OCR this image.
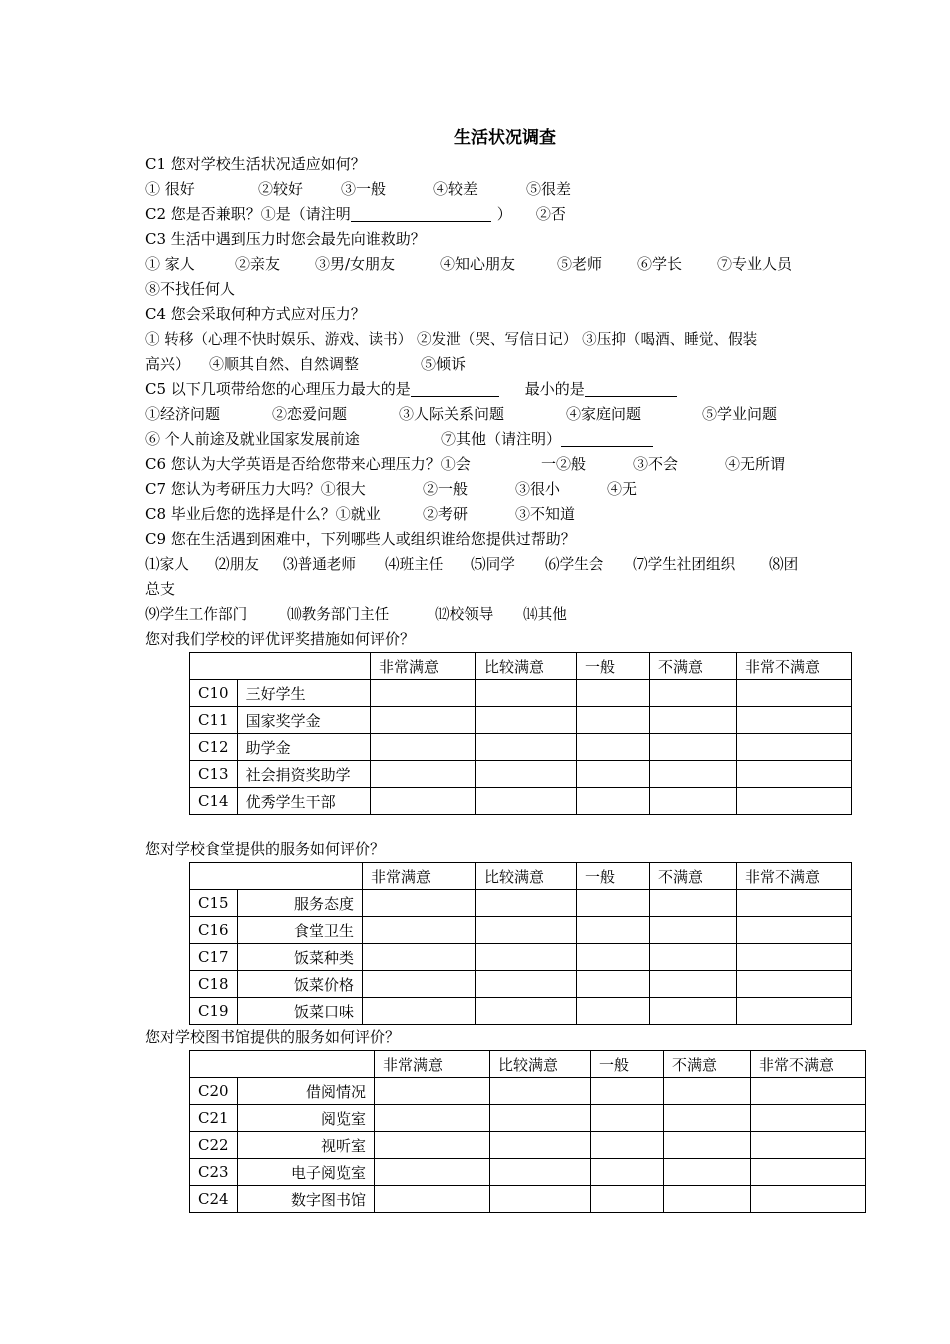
生活状况调查
C1 您对学校生活状况适应如何？
① 很好	②较好	③一般	④较差	⑤很差
C2 您是否兼职？①是（请注明	） ②否
C3 生活中遇到压力时您会最先向谁救助？
① 家人	②亲友 ③男/女朋友	④知心朋友	⑤老师 ⑥学长 ⑦专业人员
⑧不找任何人
C4 您会采取何种方式应对压力？
① 转移（心理不快时娱乐、游戏、读书） ②发泄（哭、写信日记） ③压抑（喝酒、睡觉、假装
高兴） ④顺其自然、自然调整	⑤倾诉
C5 以下几项带给您的心理压力最大的是	最小的是
①经济问题	②恋爱问题	③人际关系问题	④家庭问题	⑤学业问题
⑥ 个人前途及就业国家发展前途	⑦其他（请注明）
C6 您认为大学英语是否给您带来心理压力？①会	一②般	③不会	④无所谓
C7 您认为考研压力大吗？①很大	②一般	③很小	④无
C8 毕业后您的选择是什么？①就业	②考研	③不知道
C9 您在生活遇到困难中，下列哪些人或组织谁给您提供过帮助？
⑴家人 ⑵朋友 ⑶普通老师 ⑷班主任 ⑸同学 ⑹学生会 ⑺学生社团组织 ⑻团
总支
⑼学生工作部门	⑽教务部门主任	⑿校领导 ⒁其他
您对我们学校的评优评奖措施如何评价？
		非常满意	比较满意	一般	不满意	非常不满意
C10	三好学生					
C11	国家奖学金					
C12	助学金					
C13	社会捐资奖助学					
C14	优秀学生干部					
您对学校食堂提供的服务如何评价？
		非常满意	比较满意	一般	不满意	非常不满意
C15	服务态度					
C16	食堂卫生					
C17	饭菜种类					
C18	饭菜价格					
C19	饭菜口味					
您对学校图书馆提供的服务如何评价？
		非常满意	比较满意	一般	不满意	非常不满意
C20	借阅情况					
C21	阅览室					
C22	视听室					
C23	电子阅览室					
C24	数字图书馆					
